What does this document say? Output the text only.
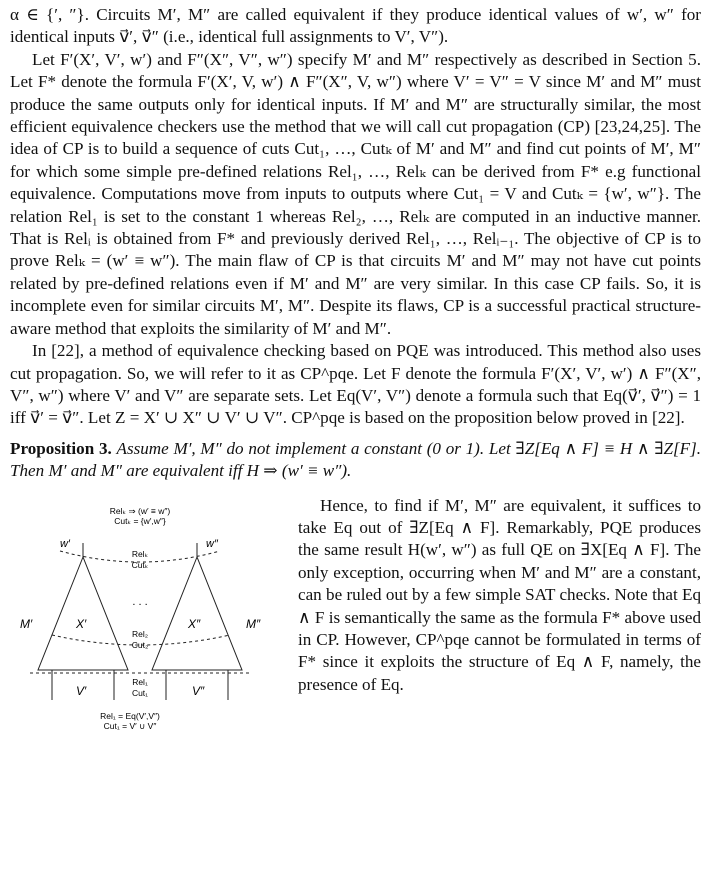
α ∈ {′, ″}. Circuits M′, M″ are called equivalent if they produce identical values of w′, w″ for identical inputs v⃗′, v⃗″ (i.e., identical full assignments to V′, V″).

Let F′(X′, V′, w′) and F″(X″, V″, w″) specify M′ and M″ respectively as described in Section 5. Let F* denote the formula F′(X′, V, w′) ∧ F″(X″, V, w″) where V′ = V″ = V since M′ and M″ must produce the same outputs only for identical inputs. If M′ and M″ are structurally similar, the most efficient equivalence checkers use the method that we will call cut propagation (CP) [23,24,25]. The idea of CP is to build a sequence of cuts Cut₁, …, Cutₖ of M′ and M″ and find cut points of M′, M″ for which some simple pre-defined relations Rel₁, …, Relₖ can be derived from F* e.g functional equivalence. Computations move from inputs to outputs where Cut₁ = V and Cutₖ = {w′, w″}. The relation Rel₁ is set to the constant 1 whereas Rel₂, …, Relₖ are computed in an inductive manner. That is Relᵢ is obtained from F* and previously derived Rel₁, …, Relᵢ₋₁. The objective of CP is to prove Relₖ = (w′ ≡ w″). The main flaw of CP is that circuits M′ and M″ may not have cut points related by pre-defined relations even if M′ and M″ are very similar. In this case CP fails. So, it is incomplete even for similar circuits M′, M″. Despite its flaws, CP is a successful practical structure-aware method that exploits the similarity of M′ and M″.

In [22], a method of equivalence checking based on PQE was introduced. This method also uses cut propagation. So, we will refer to it as CP^pqe. Let F denote the formula F′(X′, V′, w′) ∧ F″(X″, V″, w″) where V′ and V″ are separate sets. Let Eq(V′, V″) denote a formula such that Eq(v⃗′, v⃗″) = 1 iff v⃗′ = v⃗″. Let Z = X′ ∪ X″ ∪ V′ ∪ V″. CP^pqe is based on the proposition below proved in [22].

Proposition 3. Assume M′, M″ do not implement a constant (0 or 1). Let ∃Z[Eq ∧ F] ≡ H ∧ ∃Z[F]. Then M′ and M″ are equivalent iff H ⇒ (w′ ≡ w″).

Relₖ ⇒ (w′ ≡ w″)
Cutₖ = {w′,w″}
w′	w″
Relₖ
Cutₖ
. . .
M′	X′	X″	M″
Rel₂
Cut₂
Rel₁
Cut₁
V′	V″
Rel₁ = Eq(V′,V″)
Cut₁ = V′ ∪ V″

Hence, to find if M′, M″ are equivalent, it suffices to take Eq out of ∃Z[Eq ∧ F]. Remarkably, PQE produces the same result H(w′, w″) as full QE on ∃X[Eq ∧ F]. The only exception, occurring when M′ and M″ are a constant, can be ruled out by a few simple SAT checks. Note that Eq ∧ F is semantically the same as the formula F* above used in CP. However, CP^pqe cannot be formulated in terms of F* since it exploits the structure of Eq ∧ F, namely, the presence of Eq.
